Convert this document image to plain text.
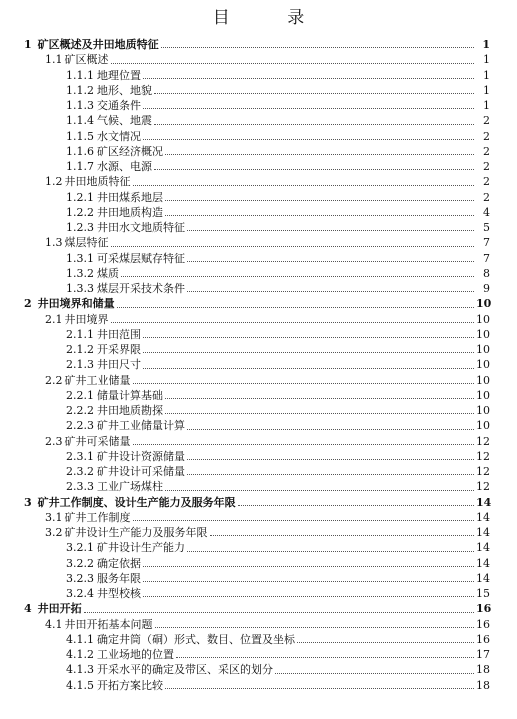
目 录
1 矿区概述及井田地质特征	1
1.1 矿区概述	1
1.1.1 地理位置	1
1.1.2 地形、地貌	1
1.1.3 交通条件	1
1.1.4 气候、地震	2
1.1.5 水文情况	2
1.1.6 矿区经济概况	2
1.1.7 水源、电源	2
1.2 井田地质特征	2
1.2.1 井田煤系地层	2
1.2.2 井田地质构造	4
1.2.3 井田水文地质特征	5
1.3 煤层特征	7
1.3.1 可采煤层赋存特征	7
1.3.2 煤质	8
1.3.3 煤层开采技术条件	9
2 井田境界和储量	10
2.1 井田境界	10
2.1.1 井田范围	10
2.1.2 开采界限	10
2.1.3 井田尺寸	10
2.2 矿井工业储量	10
2.2.1 储量计算基础	10
2.2.2 井田地质勘探	10
2.2.3 矿井工业储量计算	10
2.3 矿井可采储量	12
2.3.1 矿井设计资源储量	12
2.3.2 矿井设计可采储量	12
2.3.3 工业广场煤柱	12
3 矿井工作制度、设计生产能力及服务年限	14
3.1 矿井工作制度	14
3.2 矿井设计生产能力及服务年限	14
3.2.1 矿井设计生产能力	14
3.2.2 确定依据	14
3.2.3 服务年限	14
3.2.4 井型校核	15
4 井田开拓	16
4.1 井田开拓基本问题	16
4.1.1 确定井筒（硐）形式、数目、位置及坐标	16
4.1.2 工业场地的位置	17
4.1.3 开采水平的确定及带区、采区的划分	18
4.1.5 开拓方案比较	18
